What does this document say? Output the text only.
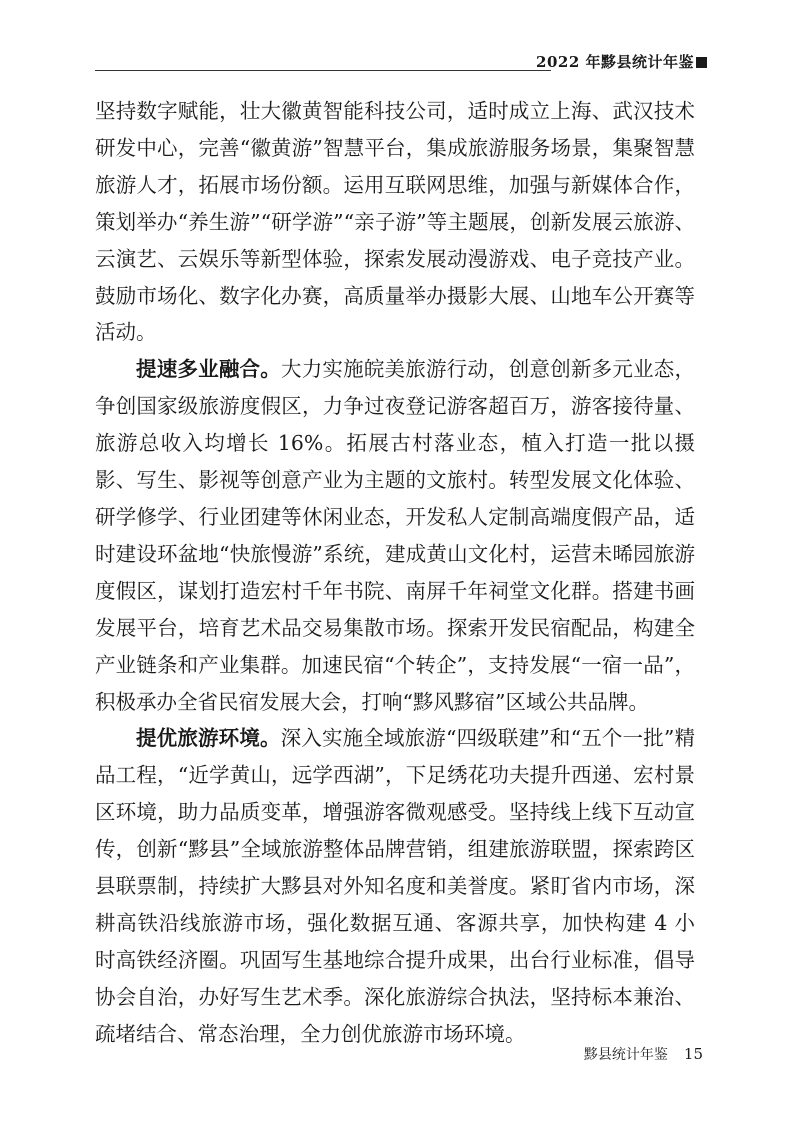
2022 年黟县统计年鉴

坚持数字赋能，壮大徽黄智能科技公司，适时成立上海、武汉技术研发中心，完善“徽黄游”智慧平台，集成旅游服务场景，集聚智慧旅游人才，拓展市场份额。运用互联网思维，加强与新媒体合作，策划举办“养生游”“研学游”“亲子游”等主题展，创新发展云旅游、云演艺、云娱乐等新型体验，探索发展动漫游戏、电子竞技产业。鼓励市场化、数字化办赛，高质量举办摄影大展、山地车公开赛等活动。

提速多业融合。大力实施皖美旅游行动，创意创新多元业态，争创国家级旅游度假区，力争过夜登记游客超百万，游客接待量、旅游总收入均增长 16%。拓展古村落业态，植入打造一批以摄影、写生、影视等创意产业为主题的文旅村。转型发展文化体验、研学修学、行业团建等休闲业态，开发私人定制高端度假产品，适时建设环盆地“快旅慢游”系统，建成黄山文化村，运营未晞园旅游度假区，谋划打造宏村千年书院、南屏千年祠堂文化群。搭建书画发展平台，培育艺术品交易集散市场。探索开发民宿配品，构建全产业链条和产业集群。加速民宿“个转企”，支持发展“一宿一品”，积极承办全省民宿发展大会，打响“黟风黟宿”区域公共品牌。

提优旅游环境。深入实施全域旅游“四级联建”和“五个一批”精品工程，“近学黄山，远学西湖”，下足绣花功夫提升西递、宏村景区环境，助力品质变革，增强游客微观感受。坚持线上线下互动宣传，创新“黟县”全域旅游整体品牌营销，组建旅游联盟，探索跨区县联票制，持续扩大黟县对外知名度和美誉度。紧盯省内市场，深耕高铁沿线旅游市场，强化数据互通、客源共享，加快构建 4 小时高铁经济圈。巩固写生基地综合提升成果，出台行业标准，倡导协会自治，办好写生艺术季。深化旅游综合执法，坚持标本兼治、疏堵结合、常态治理，全力创优旅游市场环境。

黟县统计年鉴 15
